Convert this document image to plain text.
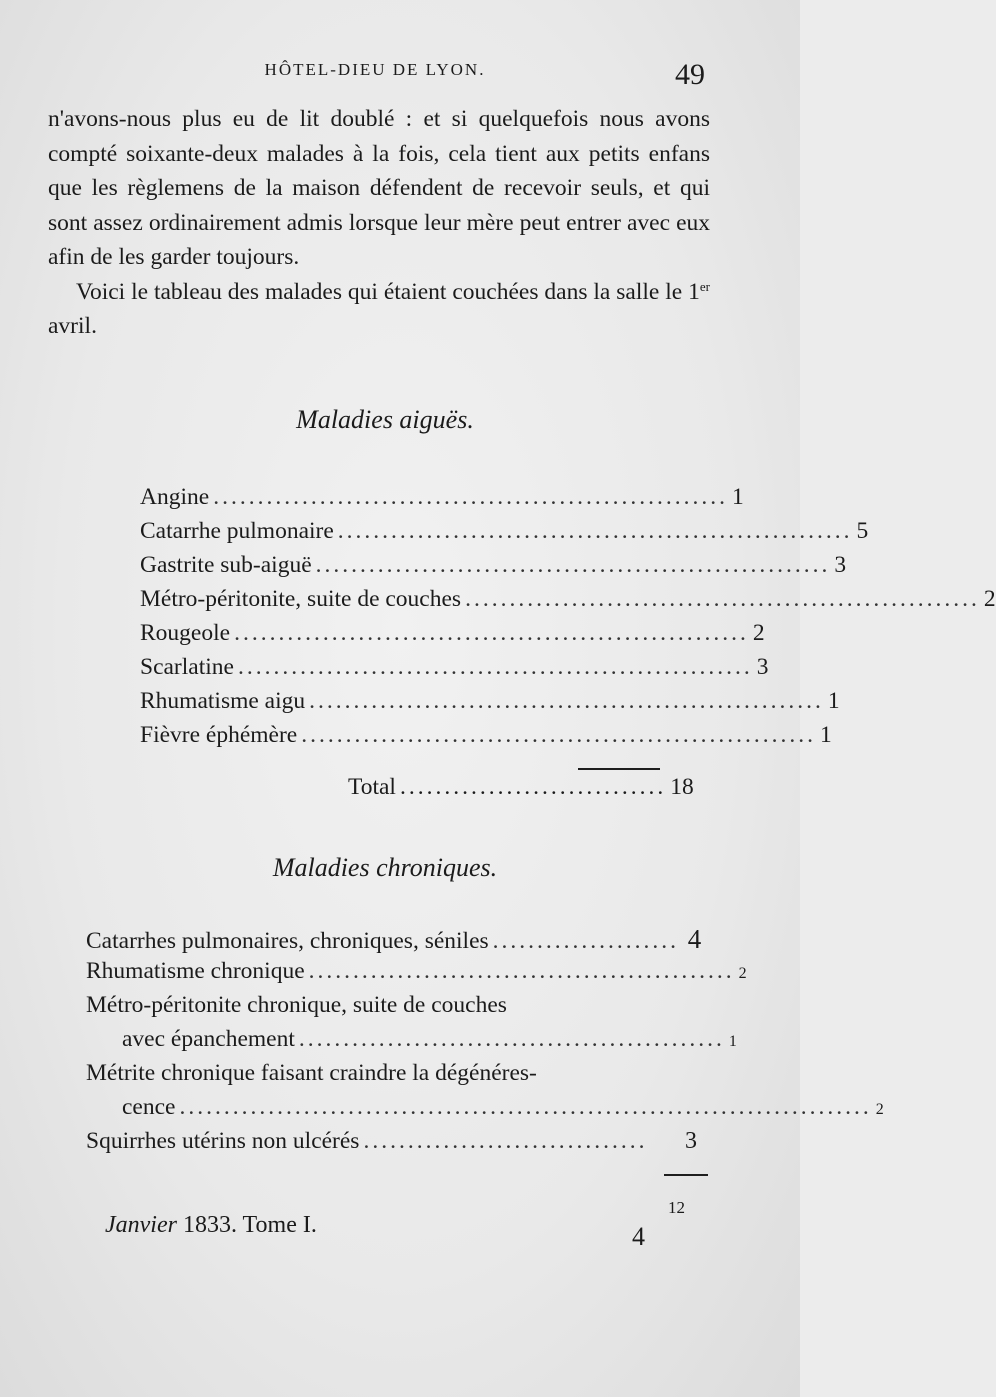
HÔTEL-DIEU DE LYON.	49

n'avons-nous plus eu de lit doublé : et si quelquefois nous avons compté soixante-deux malades à la fois, cela tient aux petits enfans que les règlemens de la maison défendent de recevoir seuls, et qui sont assez ordinairement admis lorsque leur mère peut entrer avec eux afin de les garder toujours.

Voici le tableau des malades qui étaient couchées dans la salle le 1er avril.

Maladies aiguës.
Angine .......................................................... 1
Catarrhe pulmonaire .......................................................... 5
Gastrite sub-aiguë .......................................................... 3
Métro-péritonite, suite de couches .......................................................... 2
Rougeole .......................................................... 2
Scarlatine .......................................................... 3
Rhumatisme aigu .......................................................... 1
Fièvre éphémère .......................................................... 1
Total .............................. 18
Maladies chroniques.
Catarrhes pulmonaires, chroniques, séniles ..................... 4
Rhumatisme chronique ................................................ 2
Métro-péritonite chronique, suite de couches
avec épanchement ................................................ 1
Métrite chronique faisant craindre la dégénéres-
cence .............................................................................. 2
Squirrhes utérins non ulcérés ................................	3
12
Janvier 1833. Tome I.	4
